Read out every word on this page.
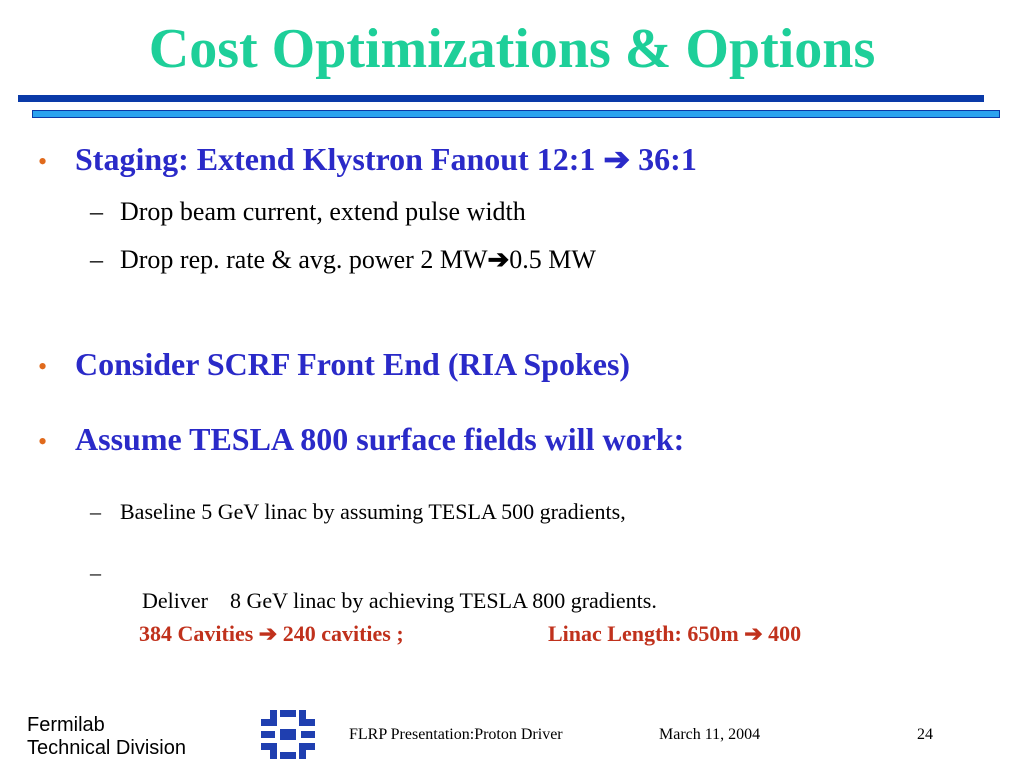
Cost Optimizations & Options
• Staging: Extend Klystron Fanout 12:1 ➔ 36:1
– Drop beam current, extend pulse width
– Drop rep. rate & avg. power 2 MW➔0.5 MW
• Consider SCRF Front End (RIA Spokes)
• Assume TESLA 800 surface fields will work:
– Baseline 5 GeV linac by assuming TESLA 500 gradients,
–

Deliver    8 GeV linac by achieving TESLA 800 gradients.

384 Cavities ➔ 240 cavities ;	Linac Length: 650m ➔ 400
Fermilab
Technical Division
FLRP Presentation:Proton Driver	March 11, 2004	24
